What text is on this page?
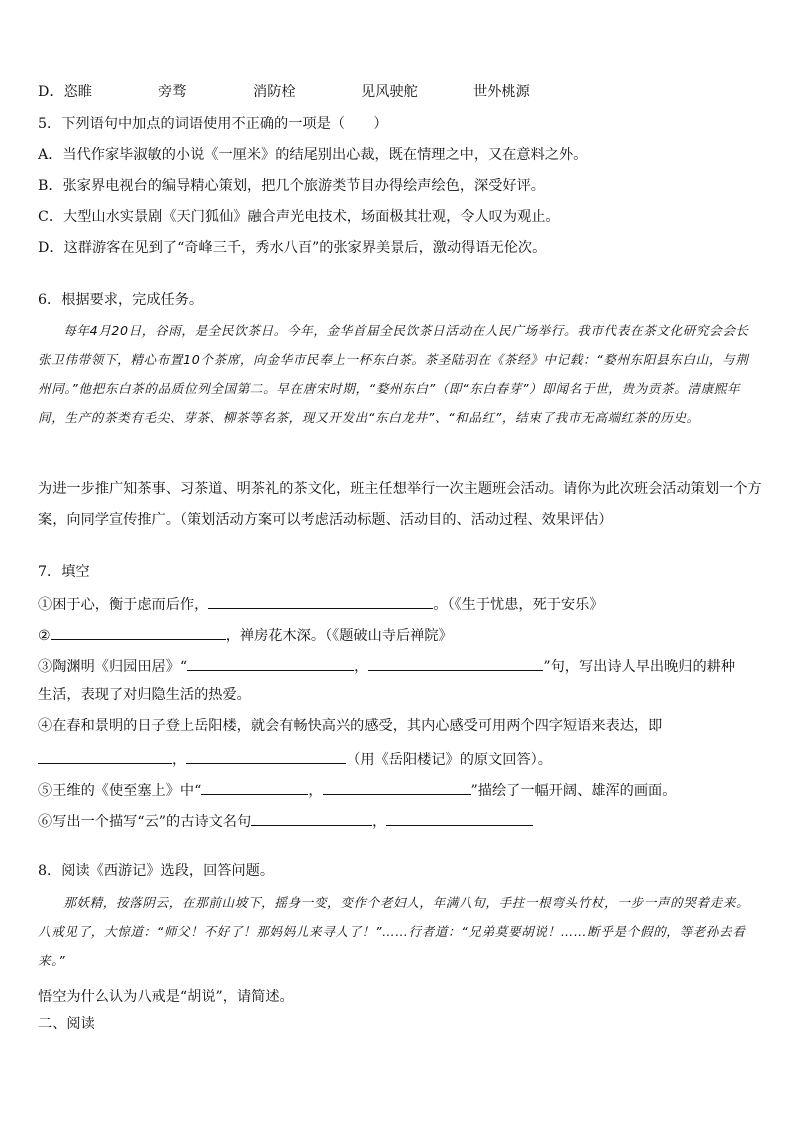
D．恣睢	旁骛	消防栓	见风驶舵	世外桃源
5．下列语句中加点的词语使用不正确的一项是（　　）
A．当代作家毕淑敏的小说《一厘米》的结尾别出心裁，既在情理之中，又在意料之外。
B．张家界电视台的编导精心策划，把几个旅游类节目办得绘声绘色，深受好评。
C．大型山水实景剧《天门狐仙》融合声光电技术，场面极其壮观，令人叹为观止。
D．这群游客在见到了“奇峰三千，秀水八百”的张家界美景后，激动得语无伦次。
6．根据要求，完成任务。

每年4月20日，谷雨，是全民饮茶日。今年，金华首届全民饮茶日活动在人民广场举行。我市代表在茶文化研究会会长张卫伟带领下，精心布置10个茶席，向金华市民奉上一杯东白茶。茶圣陆羽在《茶经》中记载：“婺州东阳县东白山，与荆州同。”他把东白茶的品质位列全国第二。早在唐宋时期，“婺州东白”（即“东白春芽”）即闻名于世，贵为贡茶。清康熙年间，生产的茶类有毛尖、芽茶、柳茶等名茶，现又开发出“东白龙井”、“和品红”，结束了我市无高端红茶的历史。

为进一步推广知茶事、习茶道、明茶礼的茶文化，班主任想举行一次主题班会活动。请你为此次班会活动策划一个方
案，向同学宣传推广。（策划活动方案可以考虑活动标题、活动目的、活动过程、效果评估）
7．填空
①困于心，衡于虑而后作，	。（《生于忧患，死于安乐》
②	，禅房花木深。（《题破山寺后禅院》
③陶渊明《归园田居》“	，	”句，写出诗人早出晚归的耕种
生活，表现了对归隐生活的热爱。
④在春和景明的日子登上岳阳楼，就会有畅快高兴的感受，其内心感受可用两个四字短语来表达，即
，	（用《岳阳楼记》的原文回答）。
⑤王维的《使至塞上》中“	，	”描绘了一幅开阔、雄浑的画面。
⑥写出一个描写“云”的古诗文名句	，
8．阅读《西游记》选段，回答问题。

那妖精，按落阴云，在那前山坡下，摇身一变，变作个老妇人，年满八旬，手拄一根弯头竹杖，一步一声的哭着走来。八戒见了，大惊道：“师父！不好了！那妈妈儿来寻人了！”……行者道：“兄弟莫要胡说！……断乎是个假的，等老孙去看来。”

悟空为什么认为八戒是“胡说”，请简述。
二、阅读
